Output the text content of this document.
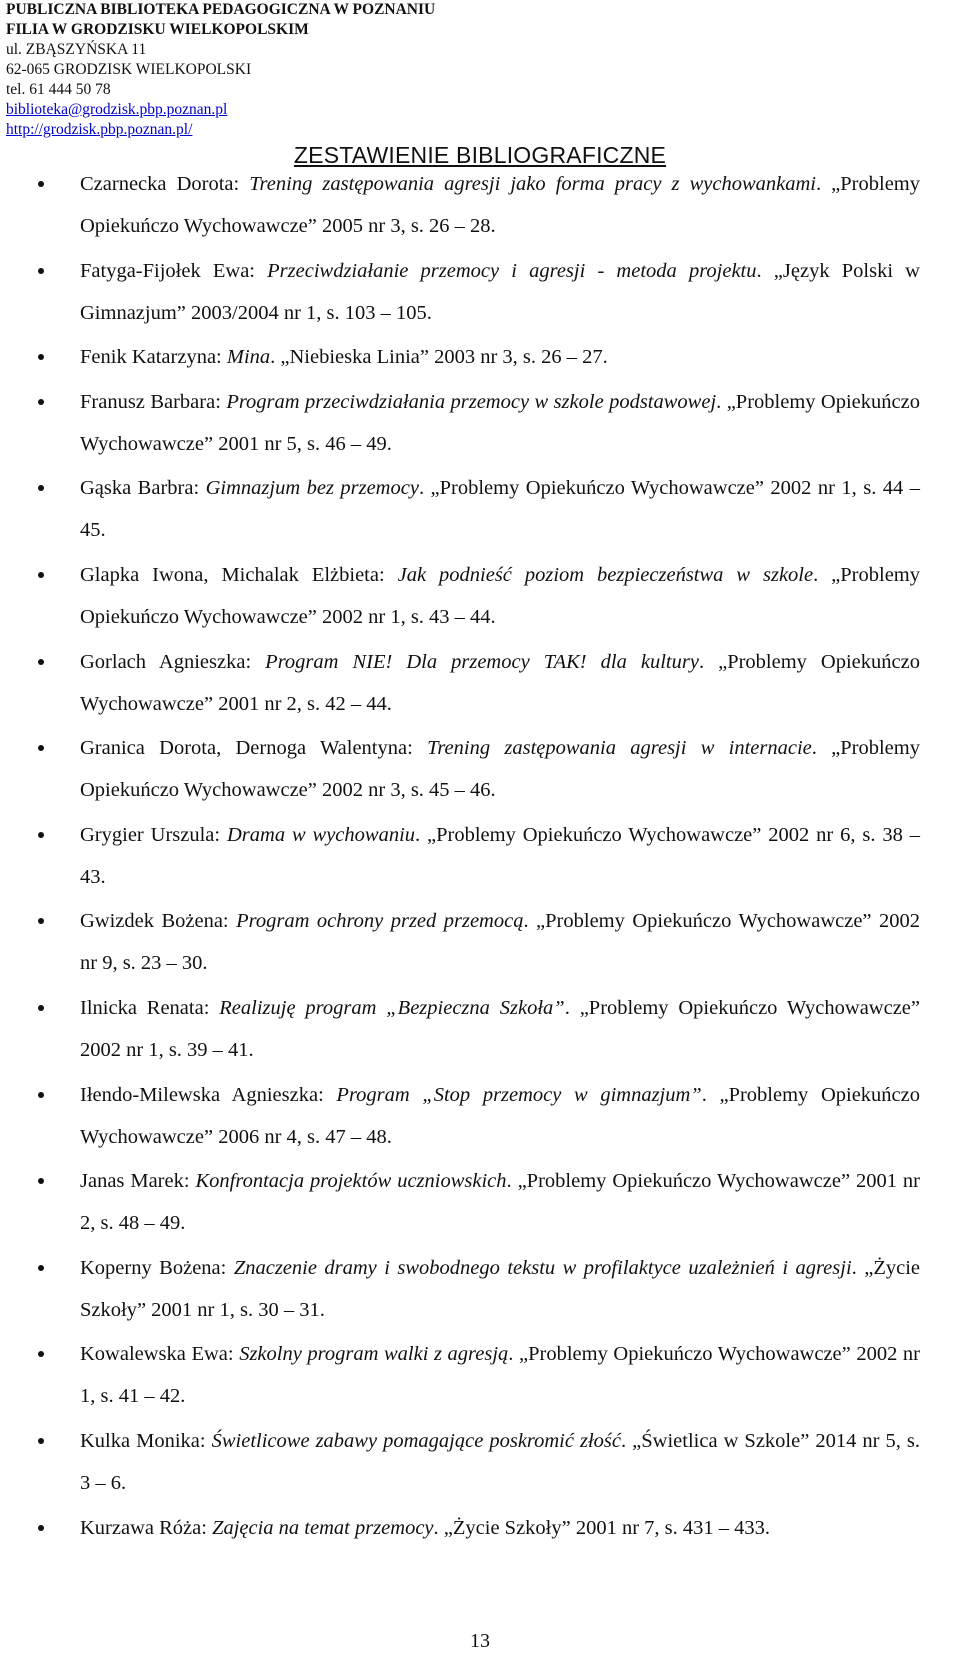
PUBLICZNA BIBLIOTEKA PEDAGOGICZNA W POZNANIU
FILIA W GRODZISKU WIELKOPOLSKIM
ul. ZBĄSZYŃSKA 11
62-065 GRODZISK WIELKOPOLSKI
tel. 61 444 50 78
biblioteka@grodzisk.pbp.poznan.pl
http://grodzisk.pbp.poznan.pl/
ZESTAWIENIE BIBLIOGRAFICZNE
Czarnecka Dorota: Trening zastępowania agresji jako forma pracy z wychowankami. „Problemy Opiekuńczo Wychowawcze” 2005 nr 3, s. 26 – 28.
Fatyga-Fijołek Ewa: Przeciwdziałanie przemocy i agresji - metoda projektu. „Język Polski w Gimnazjum” 2003/2004 nr 1, s. 103 – 105.
Fenik Katarzyna: Mina. „Niebieska Linia” 2003 nr 3, s. 26 – 27.
Franusz Barbara: Program przeciwdziałania przemocy w szkole podstawowej. „Problemy Opiekuńczo Wychowawcze” 2001 nr 5, s. 46 – 49.
Gąska Barbra: Gimnazjum bez przemocy. „Problemy Opiekuńczo Wychowawcze” 2002 nr 1, s. 44 – 45.
Glapka Iwona, Michalak Elżbieta: Jak podnieść poziom bezpieczeństwa w szkole. „Problemy Opiekuńczo Wychowawcze” 2002 nr 1, s. 43 – 44.
Gorlach Agnieszka: Program NIE! Dla przemocy TAK! dla kultury. „Problemy Opiekuńczo Wychowawcze” 2001 nr 2, s. 42 – 44.
Granica Dorota, Dernoga Walentyna: Trening zastępowania agresji w internacie. „Problemy Opiekuńczo Wychowawcze” 2002 nr 3, s. 45 – 46.
Grygier Urszula: Drama w wychowaniu. „Problemy Opiekuńczo Wychowawcze” 2002 nr 6, s. 38 – 43.
Gwizdek Bożena: Program ochrony przed przemocą. „Problemy Opiekuńczo Wychowawcze” 2002 nr 9, s. 23 – 30.
Ilnicka Renata: Realizuję program „Bezpieczna Szkoła”. „Problemy Opiekuńczo Wychowawcze” 2002 nr 1, s. 39 – 41.
Iłendo-Milewska Agnieszka: Program „Stop przemocy w gimnazjum”. „Problemy Opiekuńczo Wychowawcze” 2006 nr 4, s. 47 – 48.
Janas Marek: Konfrontacja projektów uczniowskich. „Problemy Opiekuńczo Wychowawcze” 2001 nr 2, s. 48 – 49.
Koperny Bożena: Znaczenie dramy i swobodnego tekstu w profilaktyce uzależnień i agresji. „Życie Szkoły” 2001 nr 1, s. 30 – 31.
Kowalewska Ewa: Szkolny program walki z agresją. „Problemy Opiekuńczo Wychowawcze” 2002 nr 1, s. 41 – 42.
Kulka Monika: Świetlicowe zabawy pomagające poskromić złość. „Świetlica w Szkole” 2014 nr 5, s. 3 – 6.
Kurzawa Róża: Zajęcia na temat przemocy. „Życie Szkoły” 2001 nr 7, s. 431 – 433.
13
